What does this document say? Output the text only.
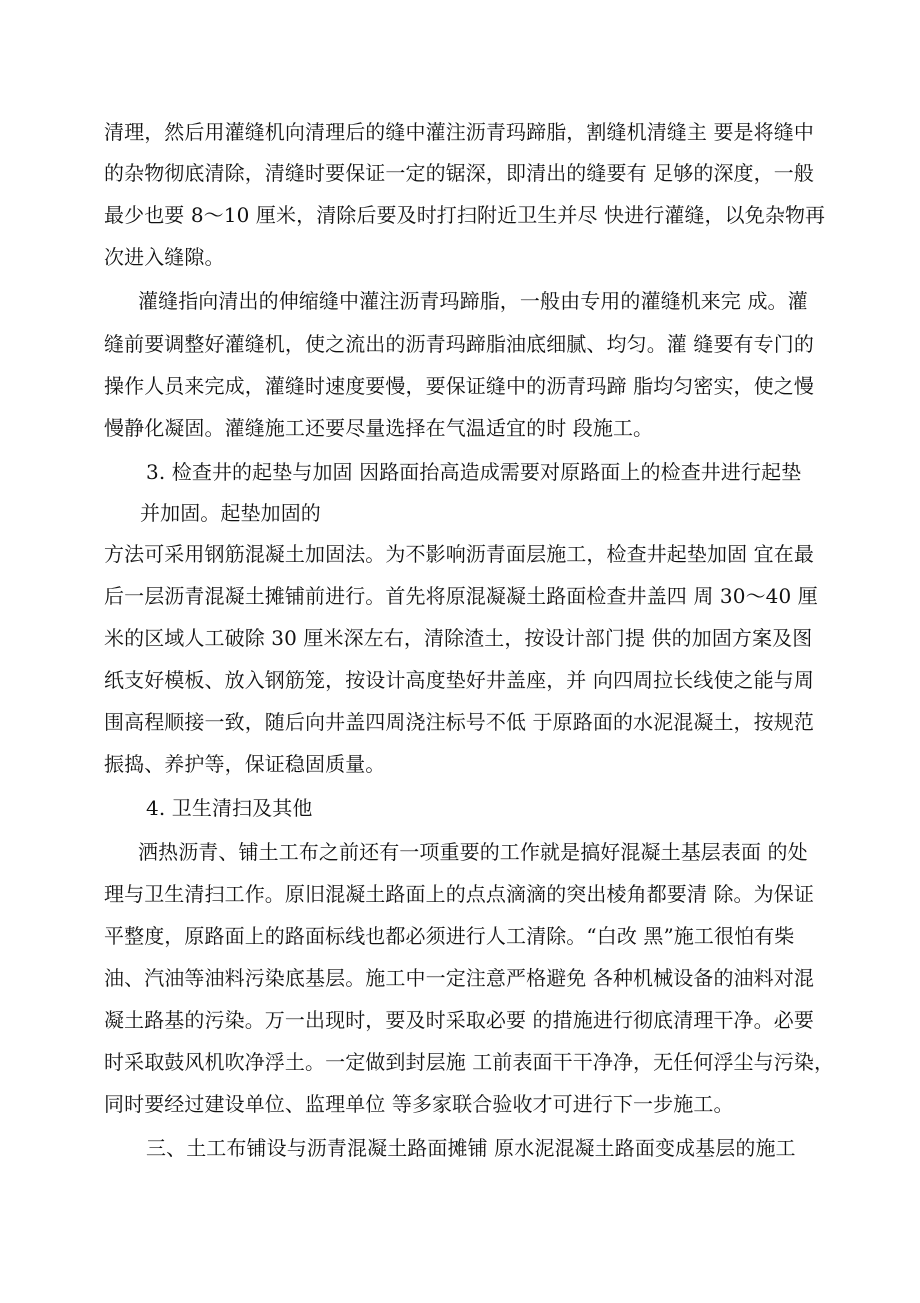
清理，然后用灌缝机向清理后的缝中灌注沥青玛蹄脂，割缝机清缝主 要是将缝中
的杂物彻底清除，清缝时要保证一定的锯深，即清出的缝要有 足够的深度，一般
最少也要 8～10 厘米，清除后要及时打扫附近卫生并尽 快进行灌缝，以免杂物再
次进入缝隙。
灌缝指向清出的伸缩缝中灌注沥青玛蹄脂，一般由专用的灌缝机来完 成。灌
缝前要调整好灌缝机，使之流出的沥青玛蹄脂油底细腻、均匀。灌 缝要有专门的
操作人员来完成，灌缝时速度要慢，要保证缝中的沥青玛蹄 脂均匀密实，使之慢
慢静化凝固。灌缝施工还要尽量选择在气温适宜的时 段施工。
3. 检查井的起垫与加固 因路面抬高造成需要对原路面上的检查井进行起垫
并加固。起垫加固的
方法可采用钢筋混凝土加固法。为不影响沥青面层施工，检查井起垫加固 宜在最
后一层沥青混凝土摊铺前进行。首先将原混凝凝土路面检查井盖四 周 30～40 厘
米的区域人工破除 30 厘米深左右，清除渣土，按设计部门提 供的加固方案及图
纸支好模板、放入钢筋笼，按设计高度垫好井盖座，并 向四周拉长线使之能与周
围高程顺接一致，随后向井盖四周浇注标号不低 于原路面的水泥混凝土，按规范
振捣、养护等，保证稳固质量。
4. 卫生清扫及其他
洒热沥青、铺土工布之前还有一项重要的工作就是搞好混凝土基层表面 的处
理与卫生清扫工作。原旧混凝土路面上的点点滴滴的突出棱角都要清 除。为保证
平整度，原路面上的路面标线也都必须进行人工清除。“白改 黑”施工很怕有柴
油、汽油等油料污染底基层。施工中一定注意严格避免 各种机械设备的油料对混
凝土路基的污染。万一出现时，要及时采取必要 的措施进行彻底清理干净。必要
时采取鼓风机吹净浮土。一定做到封层施 工前表面干干净净，无任何浮尘与污染，
同时要经过建设单位、监理单位 等多家联合验收才可进行下一步施工。
三、土工布铺设与沥青混凝土路面摊铺 原水泥混凝土路面变成基层的施工
